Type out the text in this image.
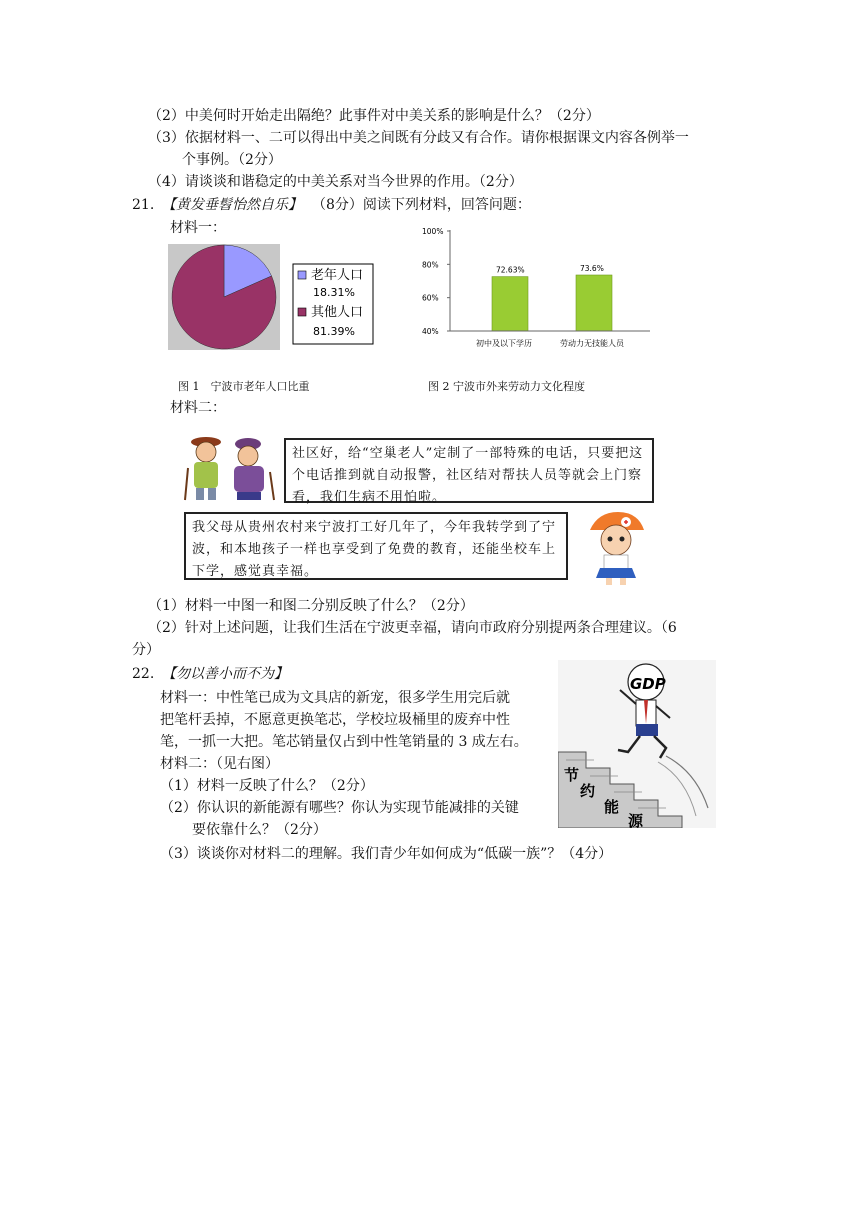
（2）中美何时开始走出隔绝？此事件对中美关系的影响是什么？（2分）
（3）依据材料一、二可以得出中美之间既有分歧又有合作。请你根据课文内容各例举一
个事例。（2分）
（4）请谈谈和谐稳定的中美关系对当今世界的作用。（2分）
21. 【黄发垂髫怡然自乐】 （8分）阅读下列材料，回答问题：
材料一：
老年人口
18.31%
其他人口
81.39%
100%
80%
60%
40%
72.63%	73.6%
初中及以下学历	劳动力无技能人员
图 1　宁波市老年人口比重	图 2 宁波市外来劳动力文化程度
材料二：
社区好，给“空巢老人”定制了一部特殊的电话，只要把这个电话推到就自动报警，社区结对帮扶人员等就会上门察看，我们生病不用怕啦。
我父母从贵州农村来宁波打工好几年了，今年我转学到了宁波，和本地孩子一样也享受到了免费的教育，还能坐校车上下学，感觉真幸福。
（1）材料一中图一和图二分别反映了什么？（2分）
（2）针对上述问题，让我们生活在宁波更幸福，请向市政府分别提两条合理建议。（6
分）
22. 【勿以善小而不为】
材料一：中性笔已成为文具店的新宠，很多学生用完后就
把笔杆丢掉，不愿意更换笔芯，学校垃圾桶里的废弃中性
笔，一抓一大把。笔芯销量仅占到中性笔销量的 3 成左右。
材料二：（见右图）
（1）材料一反映了什么？（2分）
（2）你认识的新能源有哪些？你认为实现节能减排的关键
要依靠什么？（2分）
（3）谈谈你对材料二的理解。我们青少年如何成为“低碳一族”？（4分）
GDP
节
约
能
源
